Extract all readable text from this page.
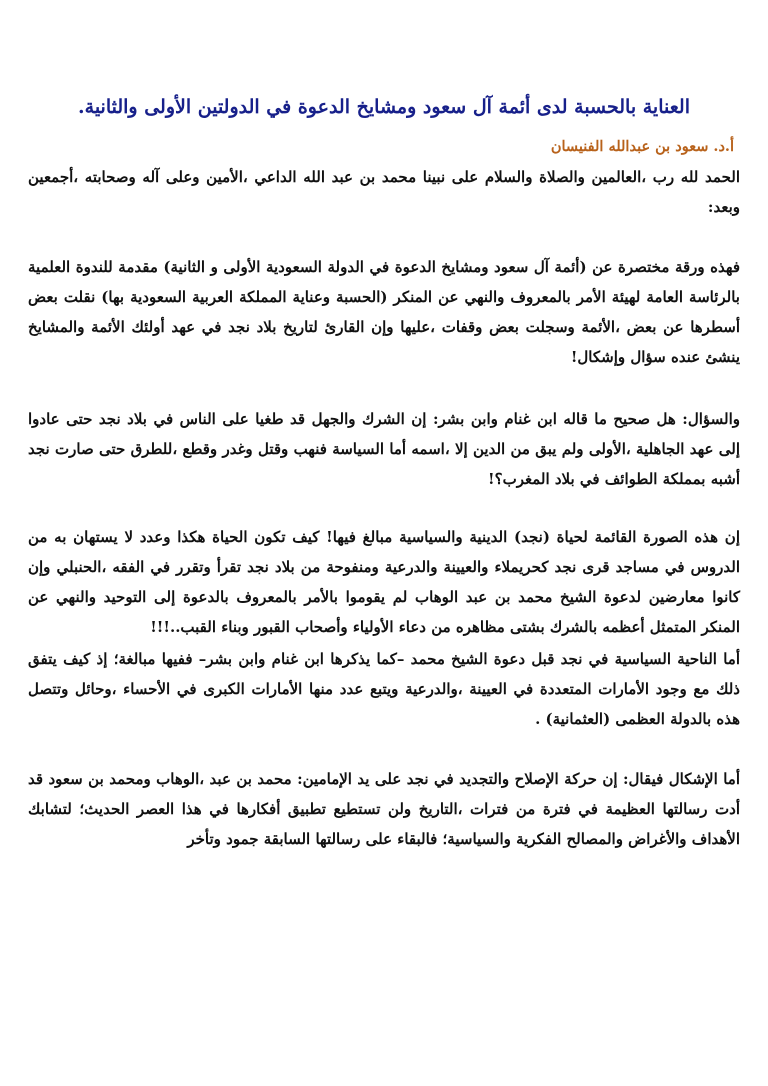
العناية بالحسبة لدى أئمة آل سعود ومشايخ الدعوة في الدولتين الأولى والثانية.
أ.د. سعود بن عبدالله الفنيسان

الحمد لله رب ،العالمين والصلاة والسلام على نبينا محمد بن عبد الله الداعي ،الأمين وعلى آله وصحابته ،أجمعين وبعد:

فهذه ورقة مختصرة عن (أئمة آل سعود ومشايخ الدعوة في الدولة السعودية الأولى و الثانية) مقدمة للندوة العلمية بالرئاسة العامة لهيئة الأمر بالمعروف والنهي عن المنكر (الحسبة وعناية المملكة العربية السعودية بها) نقلت بعض أسطرها عن بعض ،الأئمة وسجلت بعض وقفات ،عليها وإن القارئ لتاريخ بلاد نجد في عهد أولئك الأئمة والمشايخ ينشئ عنده سؤال وإشكال!

والسؤال: هل صحيح ما قاله ابن غنام وابن بشر: إن الشرك والجهل قد طغيا على الناس في بلاد نجد حتى عادوا إلى عهد الجاهلية ،الأولى ولم يبق من الدين إلا ،اسمه أما السياسة فنهب وقتل وغدر وقطع ،للطرق حتى صارت نجد أشبه بمملكة الطوائف في بلاد المغرب؟!

إن هذه الصورة القائمة لحياة (نجد) الدينية والسياسية مبالغ فيها! كيف تكون الحياة هكذا وعدد لا يستهان به من الدروس في مساجد قرى نجد كحريملاء والعيينة والدرعية ومنفوحة من بلاد نجد تقرأ وتقرر في الفقه ،الحنبلي وإن كانوا معارضين لدعوة الشيخ محمد بن عبد الوهاب لم يقوموا بالأمر بالمعروف بالدعوة إلى التوحيد والنهي عن المنكر المتمثل أعظمه بالشرك بشتى مظاهره من دعاء الأولياء وأصحاب القبور وبناء القبب..!!!

أما الناحية السياسية في نجد قبل دعوة الشيخ محمد –كما يذكرها ابن غنام وابن بشر– ففيها مبالغة؛ إذ كيف يتفق ذلك مع وجود الأمارات المتعددة في العيينة ،والدرعية ويتبع عدد منها الأمارات الكبرى في الأحساء ،وحائل وتتصل هذه بالدولة العظمى (العثمانية) .

أما الإشكال فيقال: إن حركة الإصلاح والتجديد في نجد على يد الإمامين: محمد بن عبد ،الوهاب ومحمد بن سعود قد أدت رسالتها العظيمة في فترة من فترات ،التاريخ ولن تستطيع تطبيق أفكارها في هذا العصر الحديث؛ لتشابك الأهداف والأغراض والمصالح الفكرية والسياسية؛ فالبقاء على رسالتها السابقة جمود وتأخر
